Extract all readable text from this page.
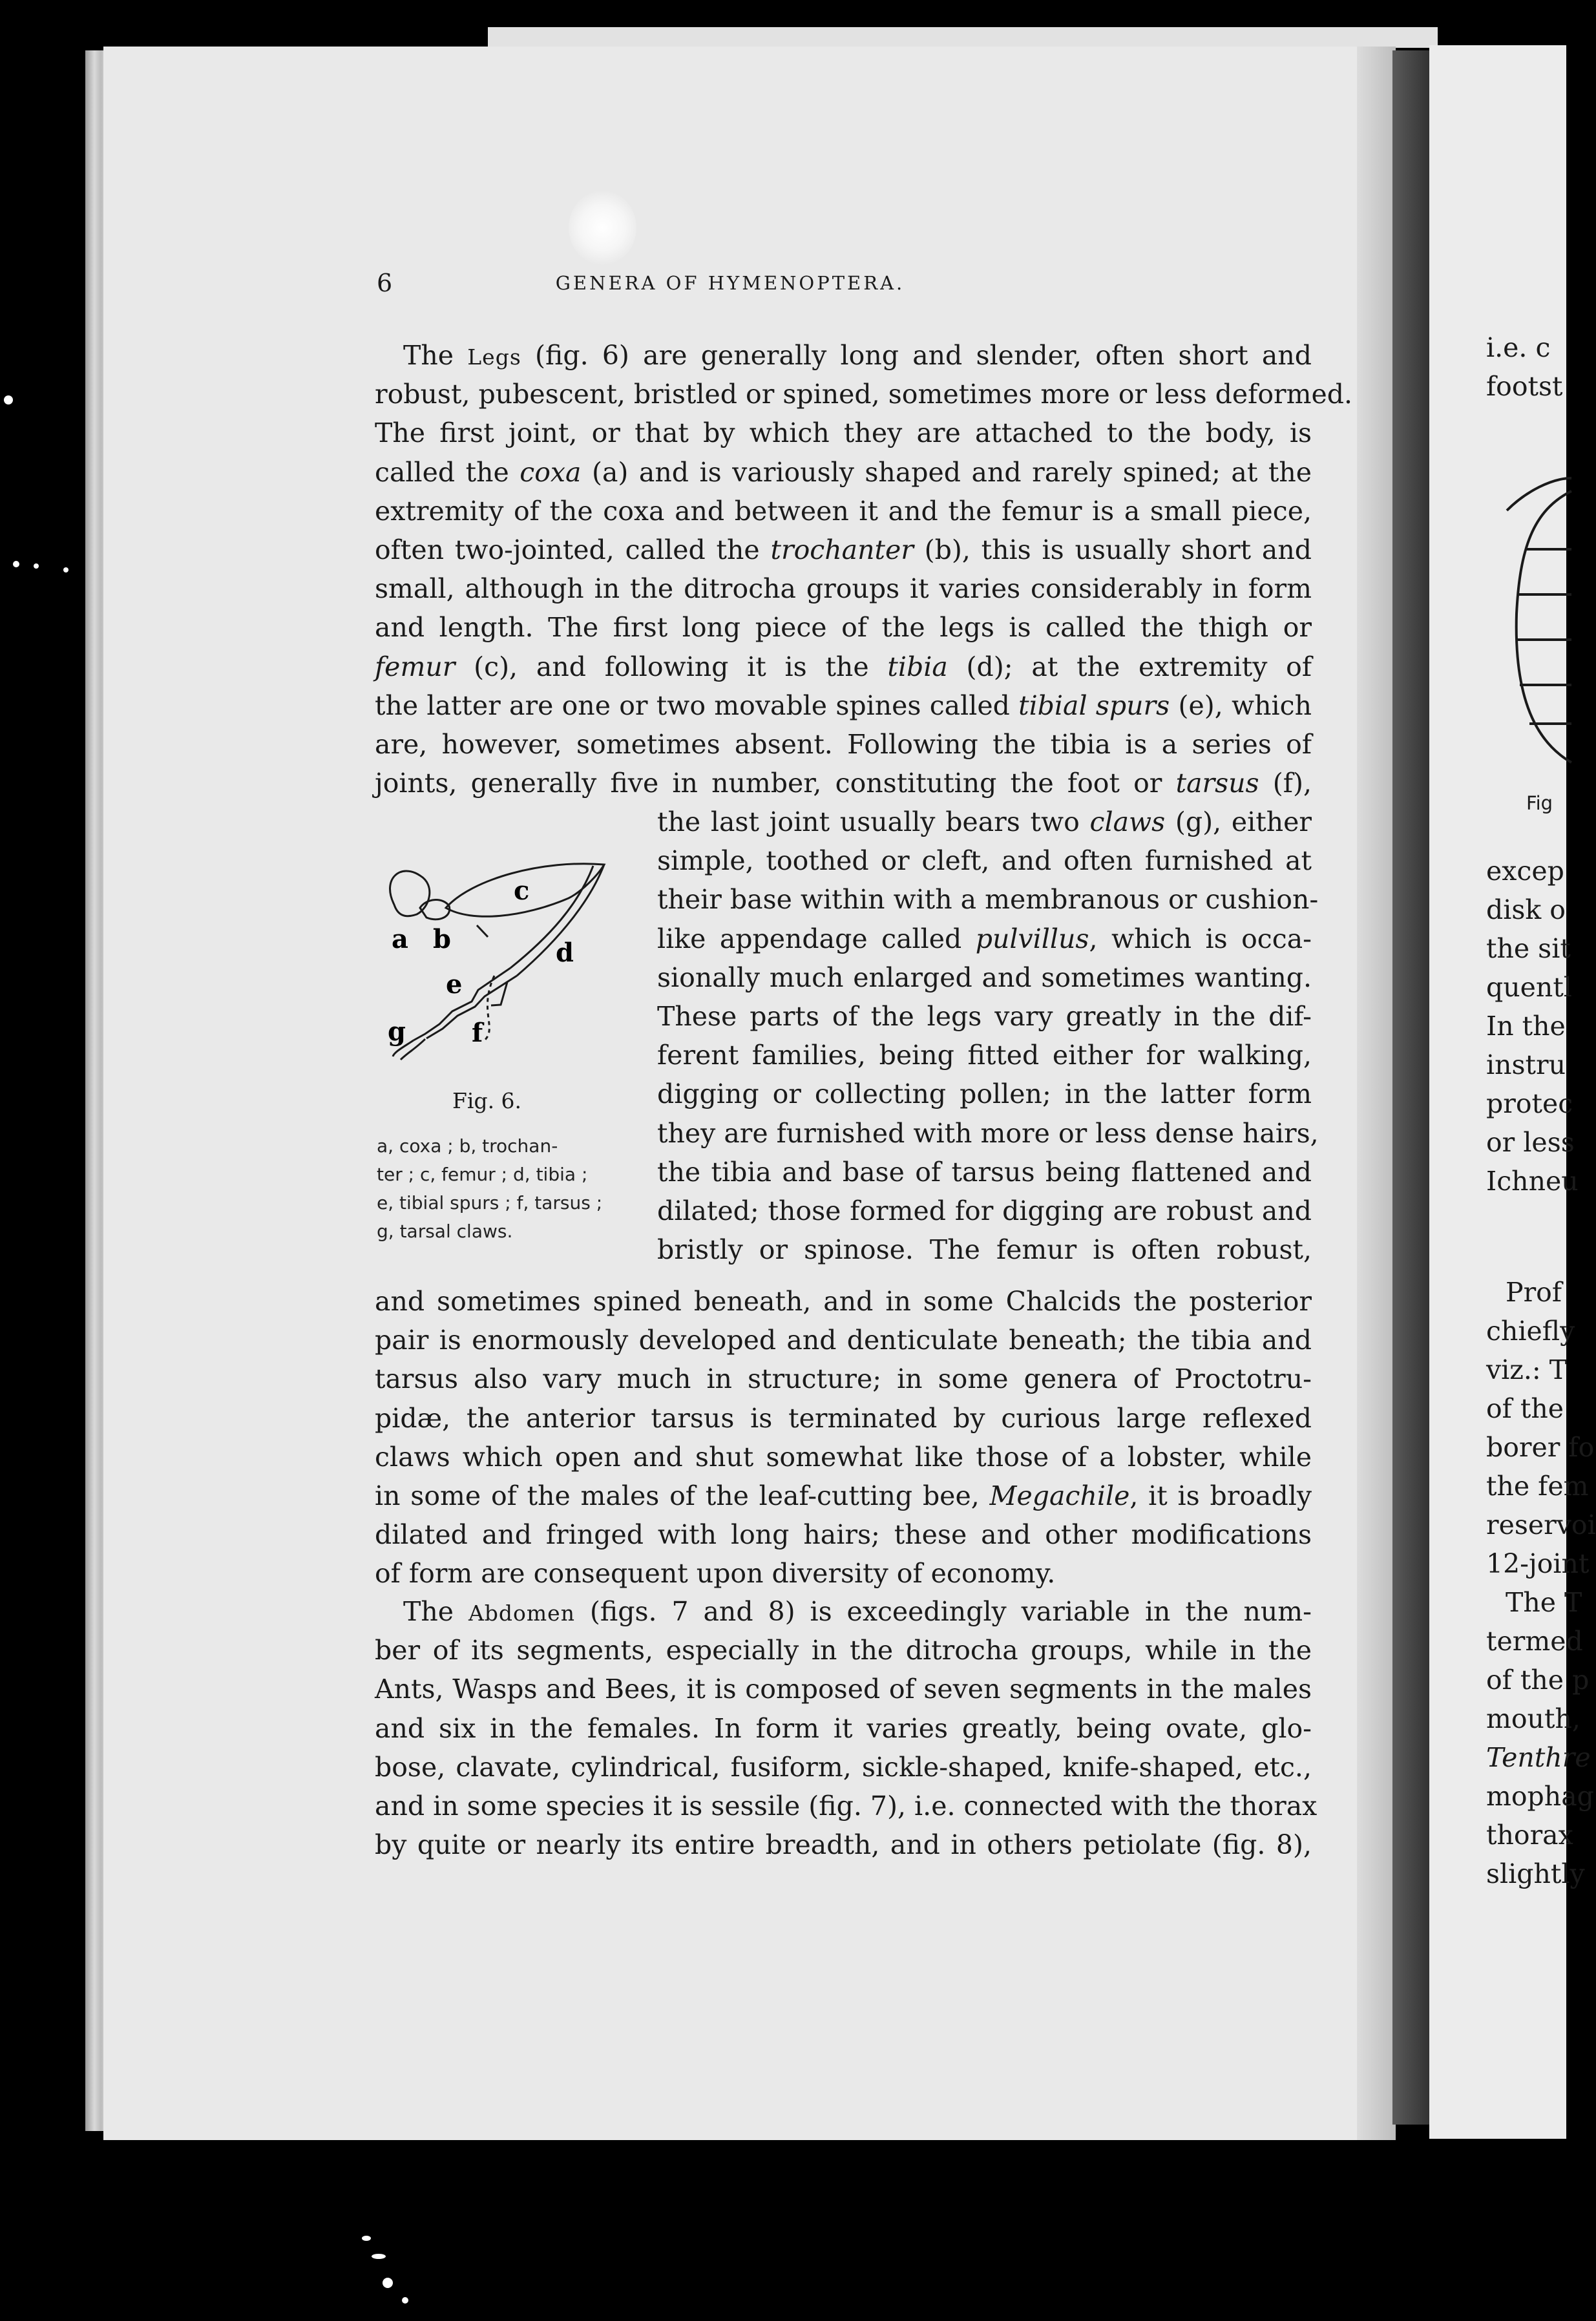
6	GENERA OF HYMENOPTERA.
The Legs (fig. 6) are generally long and slender, often short and
robust, pubescent, bristled or spined, sometimes more or less deformed.
The first joint, or that by which they are attached to the body, is
called the coxa (a) and is variously shaped and rarely spined; at the
extremity of the coxa and between it and the femur is a small piece,
often two-jointed, called the trochanter (b), this is usually short and
small, although in the ditrocha groups it varies considerably in form
and length. The first long piece of the legs is called the thigh or
femur (c), and following it is the tibia (d); at the extremity of
the latter are one or two movable spines called tibial spurs (e), which
are, however, sometimes absent. Following the tibia is a series of
joints, generally five in number, constituting the foot or tarsus (f),
the last joint usually bears two claws (g), either
simple, toothed or cleft, and often furnished at
their base within with a membranous or cushion-
like appendage called pulvillus, which is occa-
sionally much enlarged and sometimes wanting.
These parts of the legs vary greatly in the dif-
ferent families, being fitted either for walking,
digging or collecting pollen; in the latter form
they are furnished with more or less dense hairs,
the tibia and base of tarsus being flattened and
dilated; those formed for digging are robust and
bristly or spinose. The femur is often robust,
a b
c
d
e
f
g
Fig. 6.
a, coxa ; b, trochan-
ter ; c, femur ; d, tibia ;
e, tibial spurs ; f, tarsus ;
g, tarsal claws.
and sometimes spined beneath, and in some Chalcids the posterior
pair is enormously developed and denticulate beneath; the tibia and
tarsus also vary much in structure; in some genera of Proctotru-
pidæ, the anterior tarsus is terminated by curious large reflexed
claws which open and shut somewhat like those of a lobster, while
in some of the males of the leaf-cutting bee, Megachile, it is broadly
dilated and fringed with long hairs; these and other modifications
of form are consequent upon diversity of economy.
The Abdomen (figs. 7 and 8) is exceedingly variable in the num-
ber of its segments, especially in the ditrocha groups, while in the
Ants, Wasps and Bees, it is composed of seven segments in the males
and six in the females. In form it varies greatly, being ovate, glo-
bose, clavate, cylindrical, fusiform, sickle-shaped, knife-shaped, etc.,
and in some species it is sessile (fig. 7), i.e. connected with the thorax
by quite or nearly its entire breadth, and in others petiolate (fig. 8),
i.e. c
footst
Fig
excep
disk o
the sit
quentl
In the
instru
protec
or less
Ichneu
Prof
chiefly
viz.: T
of the
borer fo
the fem
reservoi
12-joint
The T
termed
of the p
mouth,
Tenthre
mophag
thorax
slightly
